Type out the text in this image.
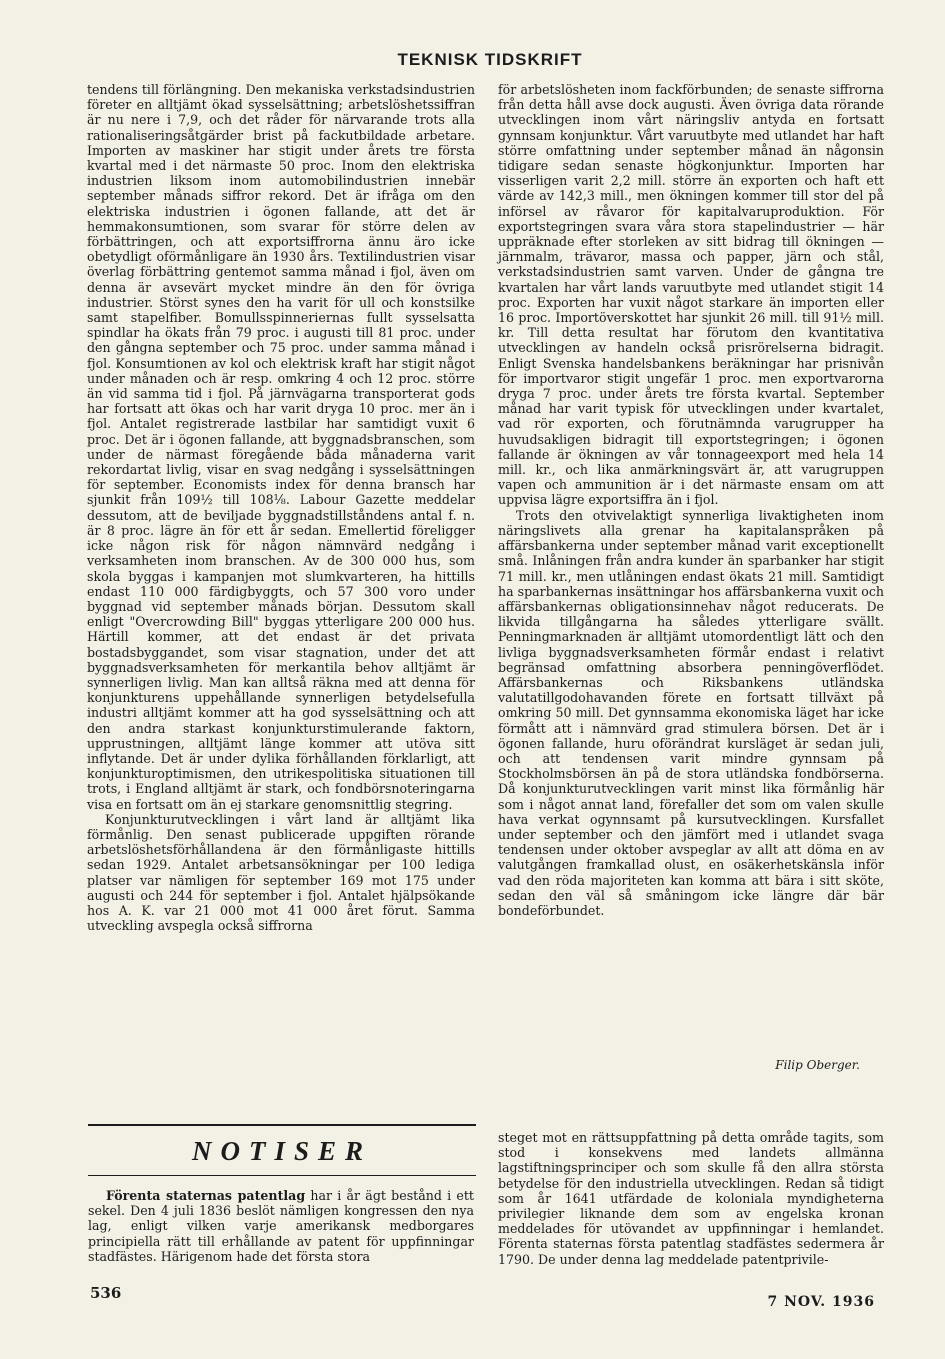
TEKNISK TIDSKRIFT

tendens till förlängning. Den mekaniska verkstadsindustrien företer en alltjämt ökad sysselsättning; arbetslöshetssiffran är nu nere i 7,9, och det råder för närvarande trots alla rationaliseringsåtgärder brist på fackutbildade arbetare. Importen av maskiner har stigit under årets tre första kvartal med i det närmaste 50 proc. Inom den elektriska industrien liksom inom automobilindustrien innebär september månads siffror rekord. Det är ifråga om den elektriska industrien i ögonen fallande, att det är hemmakonsumtionen, som svarar för större delen av förbättringen, och att exportsiffrorna ännu äro icke obetydligt oförmånligare än 1930 års. Textilindustrien visar överlag förbättring gentemot samma månad i fjol, även om denna är avsevärt mycket mindre än den för övriga industrier. Störst synes den ha varit för ull och konstsilke samt stapelfiber. Bomullsspinneriernas fullt sysselsatta spindlar ha ökats från 79 proc. i augusti till 81 proc. under den gångna september och 75 proc. under samma månad i fjol. Konsumtionen av kol och elektrisk kraft har stigit något under månaden och är resp. omkring 4 och 12 proc. större än vid samma tid i fjol. På järnvägarna transporterat gods har fortsatt att ökas och har varit dryga 10 proc. mer än i fjol. Antalet registrerade lastbilar har samtidigt vuxit 6 proc. Det är i ögonen fallande, att byggnadsbranschen, som under de närmast föregående båda månaderna varit rekordartat livlig, visar en svag nedgång i sysselsättningen för september. Economists index för denna bransch har sjunkit från 109½ till 108⅛. Labour Gazette meddelar dessutom, att de beviljade byggnadstillståndens antal f. n. är 8 proc. lägre än för ett år sedan. Emellertid föreligger icke någon risk för någon nämnvärd nedgång i verksamheten inom branschen. Av de 300 000 hus, som skola byggas i kampanjen mot slumkvarteren, ha hittills endast 110 000 färdigbyggts, och 57 300 voro under byggnad vid september månads början. Dessutom skall enligt "Overcrowding Bill" byggas ytterligare 200 000 hus. Härtill kommer, att det endast är det privata bostadsbyggandet, som visar stagnation, under det att byggnadsverksamheten för merkantila behov alltjämt är synnerligen livlig. Man kan alltså räkna med att denna för konjunkturens uppehållande synnerligen betydelsefulla industri alltjämt kommer att ha god sysselsättning och att den andra starkast konjunkturstimulerande faktorn, upprustningen, alltjämt länge kommer att utöva sitt inflytande. Det är under dylika förhållanden förklarligt, att konjunkturoptimismen, den utrikespolitiska situationen till trots, i England alltjämt är stark, och fondbörsnoteringarna visa en fortsatt om än ej starkare genomsnittlig stegring.

Konjunkturutvecklingen i vårt land är alltjämt lika förmånlig. Den senast publicerade uppgiften rörande arbetslöshetsförhållandena är den förmånligaste hittills sedan 1929. Antalet arbetsansökningar per 100 lediga platser var nämligen för september 169 mot 175 under augusti och 244 för september i fjol. Antalet hjälpsökande hos A. K. var 21 000 mot 41 000 året förut. Samma utveckling avspegla också siffrorna

för arbetslösheten inom fackförbunden; de senaste siffrorna från detta håll avse dock augusti. Även övriga data rörande utvecklingen inom vårt näringsliv antyda en fortsatt gynnsam konjunktur. Vårt varuutbyte med utlandet har haft större omfattning under september månad än någonsin tidigare sedan senaste högkonjunktur. Importen har visserligen varit 2,2 mill. större än exporten och haft ett värde av 142,3 mill., men ökningen kommer till stor del på införsel av råvaror för kapitalvaruproduktion. För exportstegringen svara våra stora stapelindustrier — här uppräknade efter storleken av sitt bidrag till ökningen — järnmalm, trävaror, massa och papper, järn och stål, verkstadsindustrien samt varven. Under de gångna tre kvartalen har vårt lands varuutbyte med utlandet stigit 14 proc. Exporten har vuxit något starkare än importen eller 16 proc. Importöverskottet har sjunkit 26 mill. till 91½ mill. kr. Till detta resultat har förutom den kvantitativa utvecklingen av handeln också prisrörelserna bidragit. Enligt Svenska handelsbankens beräkningar har prisnivån för importvaror stigit ungefär 1 proc. men exportvarorna dryga 7 proc. under årets tre första kvartal. September månad har varit typisk för utvecklingen under kvartalet, vad rör exporten, och förutnämnda varugrupper ha huvudsakligen bidragit till exportstegringen; i ögonen fallande är ökningen av vår tonnageexport med hela 14 mill. kr., och lika anmärkningsvärt är, att varugruppen vapen och ammunition är i det närmaste ensam om att uppvisa lägre exportsiffra än i fjol.

Trots den otvivelaktigt synnerliga livaktigheten inom näringslivets alla grenar ha kapitalanspråken på affärsbankerna under september månad varit exceptionellt små. Inlåningen från andra kunder än sparbanker har stigit 71 mill. kr., men utlåningen endast ökats 21 mill. Samtidigt ha sparbankernas insättningar hos affärsbankerna vuxit och affärsbankernas obligationsinnehav något reducerats. De likvida tillgångarna ha således ytterligare svällt. Penningmarknaden är alltjämt utomordentligt lätt och den livliga byggnadsverksamheten förmår endast i relativt begränsad omfattning absorbera penningöverflödet. Affärsbankernas och Riksbankens utländska valutatillgodohavanden förete en fortsatt tillväxt på omkring 50 mill. Det gynnsamma ekonomiska läget har icke förmått att i nämnvärd grad stimulera börsen. Det är i ögonen fallande, huru oförändrat kursläget är sedan juli, och att tendensen varit mindre gynnsam på Stockholmsbörsen än på de stora utländska fondbörserna. Då konjunkturutvecklingen varit minst lika förmånlig här som i något annat land, förefaller det som om valen skulle hava verkat ogynnsamt på kursutvecklingen. Kursfallet under september och den jämfört med i utlandet svaga tendensen under oktober avspeglar av allt att döma en av valutgången framkallad olust, en osäkerhetskänsla inför vad den röda majoriteten kan komma att bära i sitt sköte, sedan den väl så småningom icke längre där bär bondeförbundet.

Filip Oberger.
NOTISER

Förenta staternas patentlag har i år ägt bestånd i ett sekel. Den 4 juli 1836 beslöt nämligen kongressen den nya lag, enligt vilken varje amerikansk medborgares principiella rätt till erhållande av patent för uppfinningar stadfästes. Härigenom hade det första stora

steget mot en rättsuppfattning på detta område tagits, som stod i konsekvens med landets allmänna lagstiftningsprinciper och som skulle få den allra största betydelse för den industriella utvecklingen. Redan så tidigt som år 1641 utfärdade de koloniala myndigheterna privilegier liknande dem som av engelska kronan meddelades för utövandet av uppfinningar i hemlandet. Förenta staternas första patentlag stadfästes sedermera år 1790. De under denna lag meddelade patentprivile-

536	7 NOV. 1936
